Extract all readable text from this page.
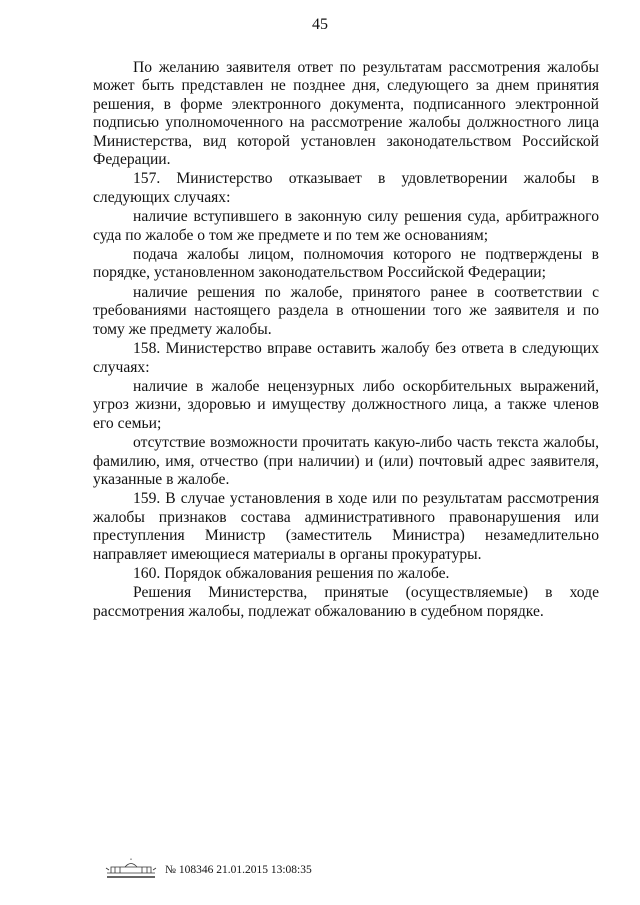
45

По желанию заявителя ответ по результатам рассмотрения жалобы может быть представлен не позднее дня, следующего за днем принятия решения, в форме электронного документа, подписанного электронной подписью уполномоченного на рассмотрение жалобы должностного лица Министерства, вид которой установлен законодательством Российской Федерации.

157. Министерство отказывает в удовлетворении жалобы в следующих случаях:

наличие вступившего в законную силу решения суда, арбитражного суда по жалобе о том же предмете и по тем же основаниям;

подача жалобы лицом, полномочия которого не подтверждены в порядке, установленном законодательством Российской Федерации;

наличие решения по жалобе, принятого ранее в соответствии с требованиями настоящего раздела в отношении того же заявителя и по тому же предмету жалобы.

158. Министерство вправе оставить жалобу без ответа в следующих случаях:

наличие в жалобе нецензурных либо оскорбительных выражений, угроз жизни, здоровью и имуществу должностного лица, а также членов его семьи;

отсутствие возможности прочитать какую-либо часть текста жалобы, фамилию, имя, отчество (при наличии) и (или) почтовый адрес заявителя, указанные в жалобе.

159. В случае установления в ходе или по результатам рассмотрения жалобы признаков состава административного правонарушения или преступления Министр (заместитель Министра) незамедлительно направляет имеющиеся материалы в органы прокуратуры.

160. Порядок обжалования решения по жалобе.

Решения Министерства, принятые (осуществляемые) в ходе рассмотрения жалобы, подлежат обжалованию в судебном порядке.

№ 108346 21.01.2015 13:08:35
